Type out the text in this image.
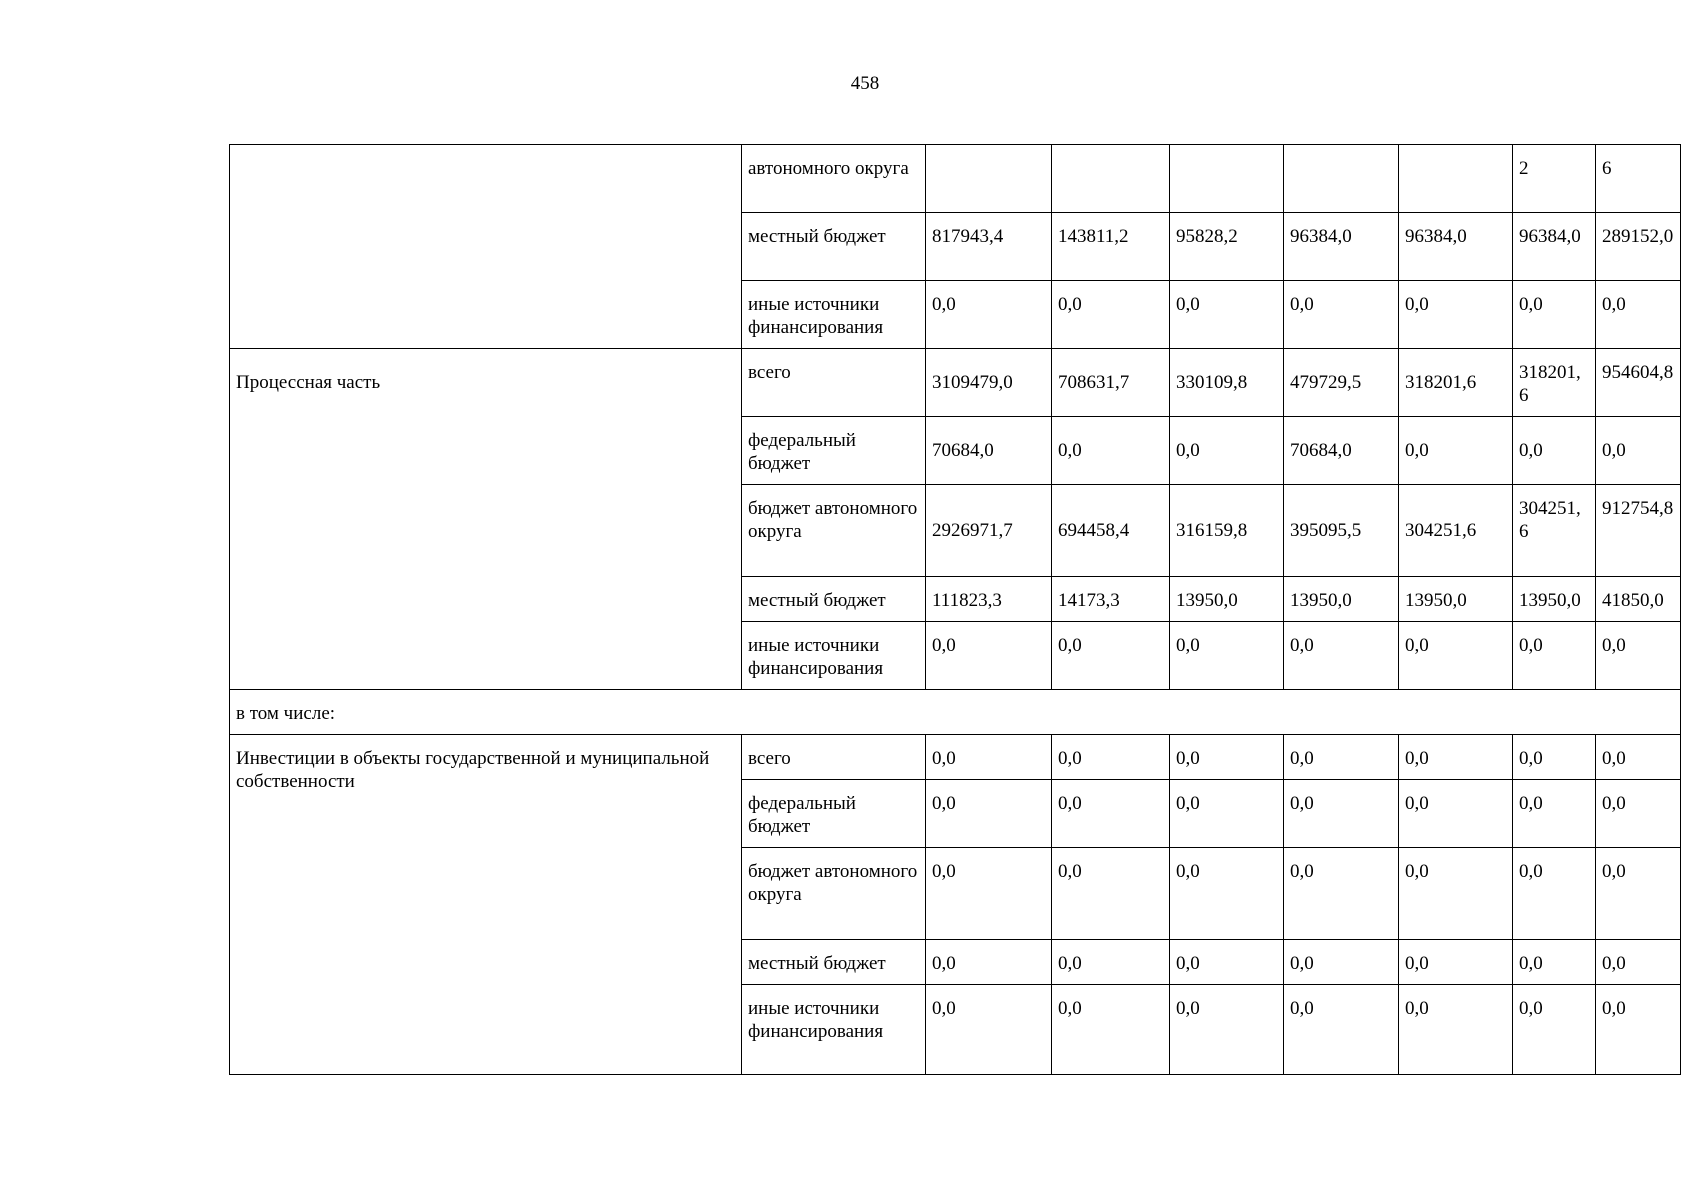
458
	автономного округа						2	6
	местный бюджет	817943,4	143811,2	95828,2	96384,0	96384,0	96384,0	289152,0
	иные источники финансирования	0,0	0,0	0,0	0,0	0,0	0,0	0,0
Процессная часть	всего	3109479,0	708631,7	330109,8	479729,5	318201,6	318201,6	954604,8
	федеральный бюджет	70684,0	0,0	0,0	70684,0	0,0	0,0	0,0
	бюджет автономного округа	2926971,7	694458,4	316159,8	395095,5	304251,6	304251,6	912754,8
	местный бюджет	111823,3	14173,3	13950,0	13950,0	13950,0	13950,0	41850,0
	иные источники финансирования	0,0	0,0	0,0	0,0	0,0	0,0	0,0
в том числе:								
Инвестиции в объекты государственной и муниципальной собственности	всего	0,0	0,0	0,0	0,0	0,0	0,0	0,0
	федеральный бюджет	0,0	0,0	0,0	0,0	0,0	0,0	0,0
	бюджет автономного округа	0,0	0,0	0,0	0,0	0,0	0,0	0,0
	местный бюджет	0,0	0,0	0,0	0,0	0,0	0,0	0,0
	иные источники финансирования	0,0	0,0	0,0	0,0	0,0	0,0	0,0
